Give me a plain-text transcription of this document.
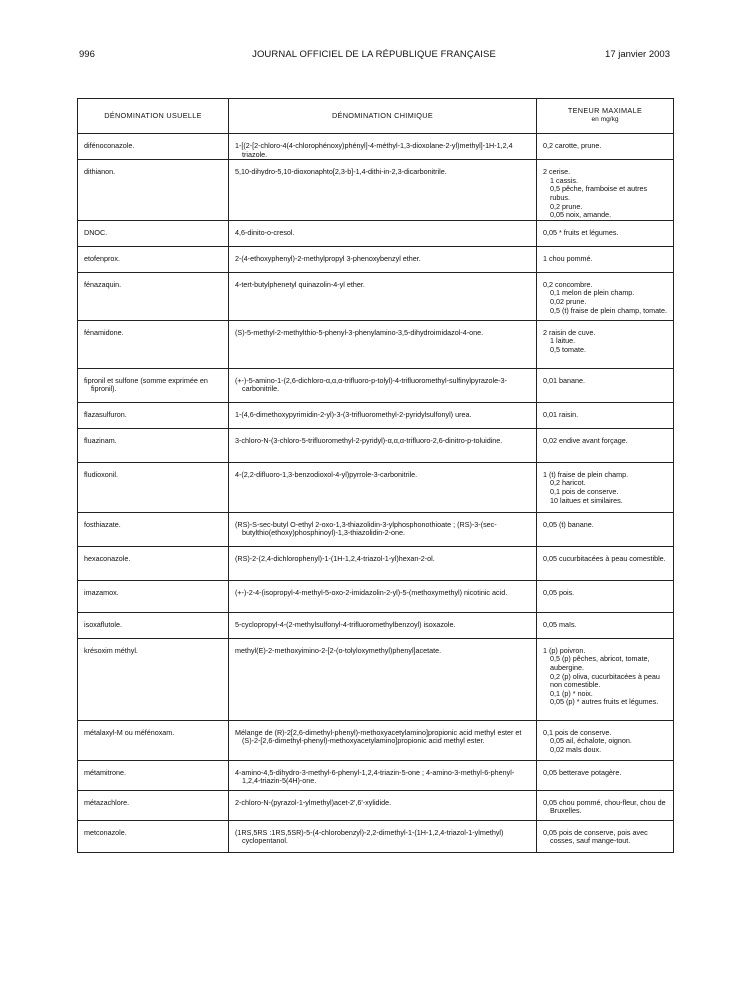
996	JOURNAL OFFICIEL DE LA RÉPUBLIQUE FRANÇAISE	17 janvier 2003
DÉNOMINATION USUELLE	DÉNOMINATION CHIMIQUE	TENEUR MAXIMALE
en mg/kg

difénoconazole.	1-[(2-[2-chloro-4(4-chlorophénoxy)phényl]-4-méthyl-1,3-dioxolane-2-yl)methyl]-1H-1,2,4 triazole.	0,2 carotte, prune.

dithianon.	5,10-dihydro-5,10-dioxonaphto[2,3-b]-1,4-dithi-in-2,3-dicarbonitrile.	2 cerise.
1 cassis.
0,5 pêche, framboise et autres rubus.
0,2 prune.
0,05 noix, amande.

DNOC.	4,6-dinito-o-cresol.	0,05 * fruits et légumes.

etofenprox.	2-(4-ethoxyphenyl)-2-methylpropyl 3-phenoxybenzyl ether.	1 chou pommé.

fénazaquin.	4-tert-butylphenetyl quinazolin-4-yl ether.	0,2 concombre.
0,1 melon de plein champ.
0,02 prune.
0,5 (t) fraise de plein champ, tomate.

fénamidone.	(S)-5-methyl-2-methylthio-5-phenyl-3-phenylamino-3,5-dihydroimidazol-4-one.	2 raisin de cuve.
1 laitue.
0,5 tomate.

fipronil et sulfone (somme exprimée en fipronil).	(+-)-5-amino-1-(2,6-dichloro-α,α,α-trifluoro-p-tolyl)-4-trifluoromethyl-sulfinylpyrazole-3-carbonitrile.	0,01 banane.

flazasulfuron.	1-(4,6-dimethoxypyrimidin-2-yl)-3-(3-trifluoromethyl-2-pyridylsulfonyl) urea.	0,01 raisin.

fluazinam.	3-chloro-N-(3-chloro-5-trifluoromethyl-2-pyridyl)-α,α,α-trifluoro-2,6-dinitro-p-toluidine.	0,02 endive avant forçage.

fludioxonil.	4-(2,2-difluoro-1,3-benzodioxol-4-yl)pyrrole-3-carbonitrile.	1 (t) fraise de plein champ.
0,2 haricot.
0,1 pois de conserve.
10 laitues et similaires.

fosthiazate.	(RS)-S-sec-butyl O-ethyl 2-oxo-1,3-thiazolidin-3-ylphosphonothioate ; (RS)-3-(sec-butylthio(ethoxy)phosphinoyl)-1,3-thiazolidin-2-one.	0,05 (t) banane.

hexaconazole.	(RS)-2-(2,4-dichlorophenyl)-1-(1H-1,2,4-triazol-1-yl)hexan-2-ol.	0,05 cucurbitacées à peau comestible.

imazamox.	(+-)-2-4-(isopropyl-4-methyl-5-oxo-2-imidazolin-2-yl)-5-(methoxymethyl) nicotinic acid.	0,05 pois.

isoxaflutole.	5-cyclopropyl-4-(2-methylsulfonyl-4-trifluoromethylbenzoyl) isoxazole.	0,05 maïs.

krésoxim méthyl.	methyl(E)-2-methoxyimino-2-[2-(o-tolyloxymethyl)phenyl]acetate.	1 (p) poivron.
0,5 (p) pêches, abricot, tomate, aubergine.
0,2 (p) oliva, cucurbitacées à peau non comestible.
0,1 (p) * noix.
0,05 (p) * autres fruits et légumes.

métalaxyl-M ou méfénoxam.	Mélange de (R)-2[2,6-dimethyl-phenyl)-methoxyacetylamino]propionic acid methyl ester et (S)-2-[2,6-dimethyl-phenyl)-methoxyacetylamino]propionic acid methyl ester.	0,1 pois de conserve.
0,05 ail, échalote, oignon.
0,02 maïs doux.

métamitrone.	4-amino-4,5-dihydro-3-methyl-6-phenyl-1,2,4-triazin-5-one ; 4-amino-3-methyl-6-phenyl-1,2,4-triazin-5(4H)-one.	0,05 betterave potagère.

métazachlore.	2-chloro-N-(pyrazol-1-ylmethyl)acet-2',6'-xylidide.	0,05 chou pommé, chou-fleur, chou de Bruxelles.

metconazole.	(1RS,5RS :1RS,5SR)-5-(4-chlorobenzyl)-2,2-dimethyl-1-(1H-1,2,4-triazol-1-ylmethyl) cyclopentanol.	0,05 pois de conserve, pois avec cosses, sauf mange-tout.
